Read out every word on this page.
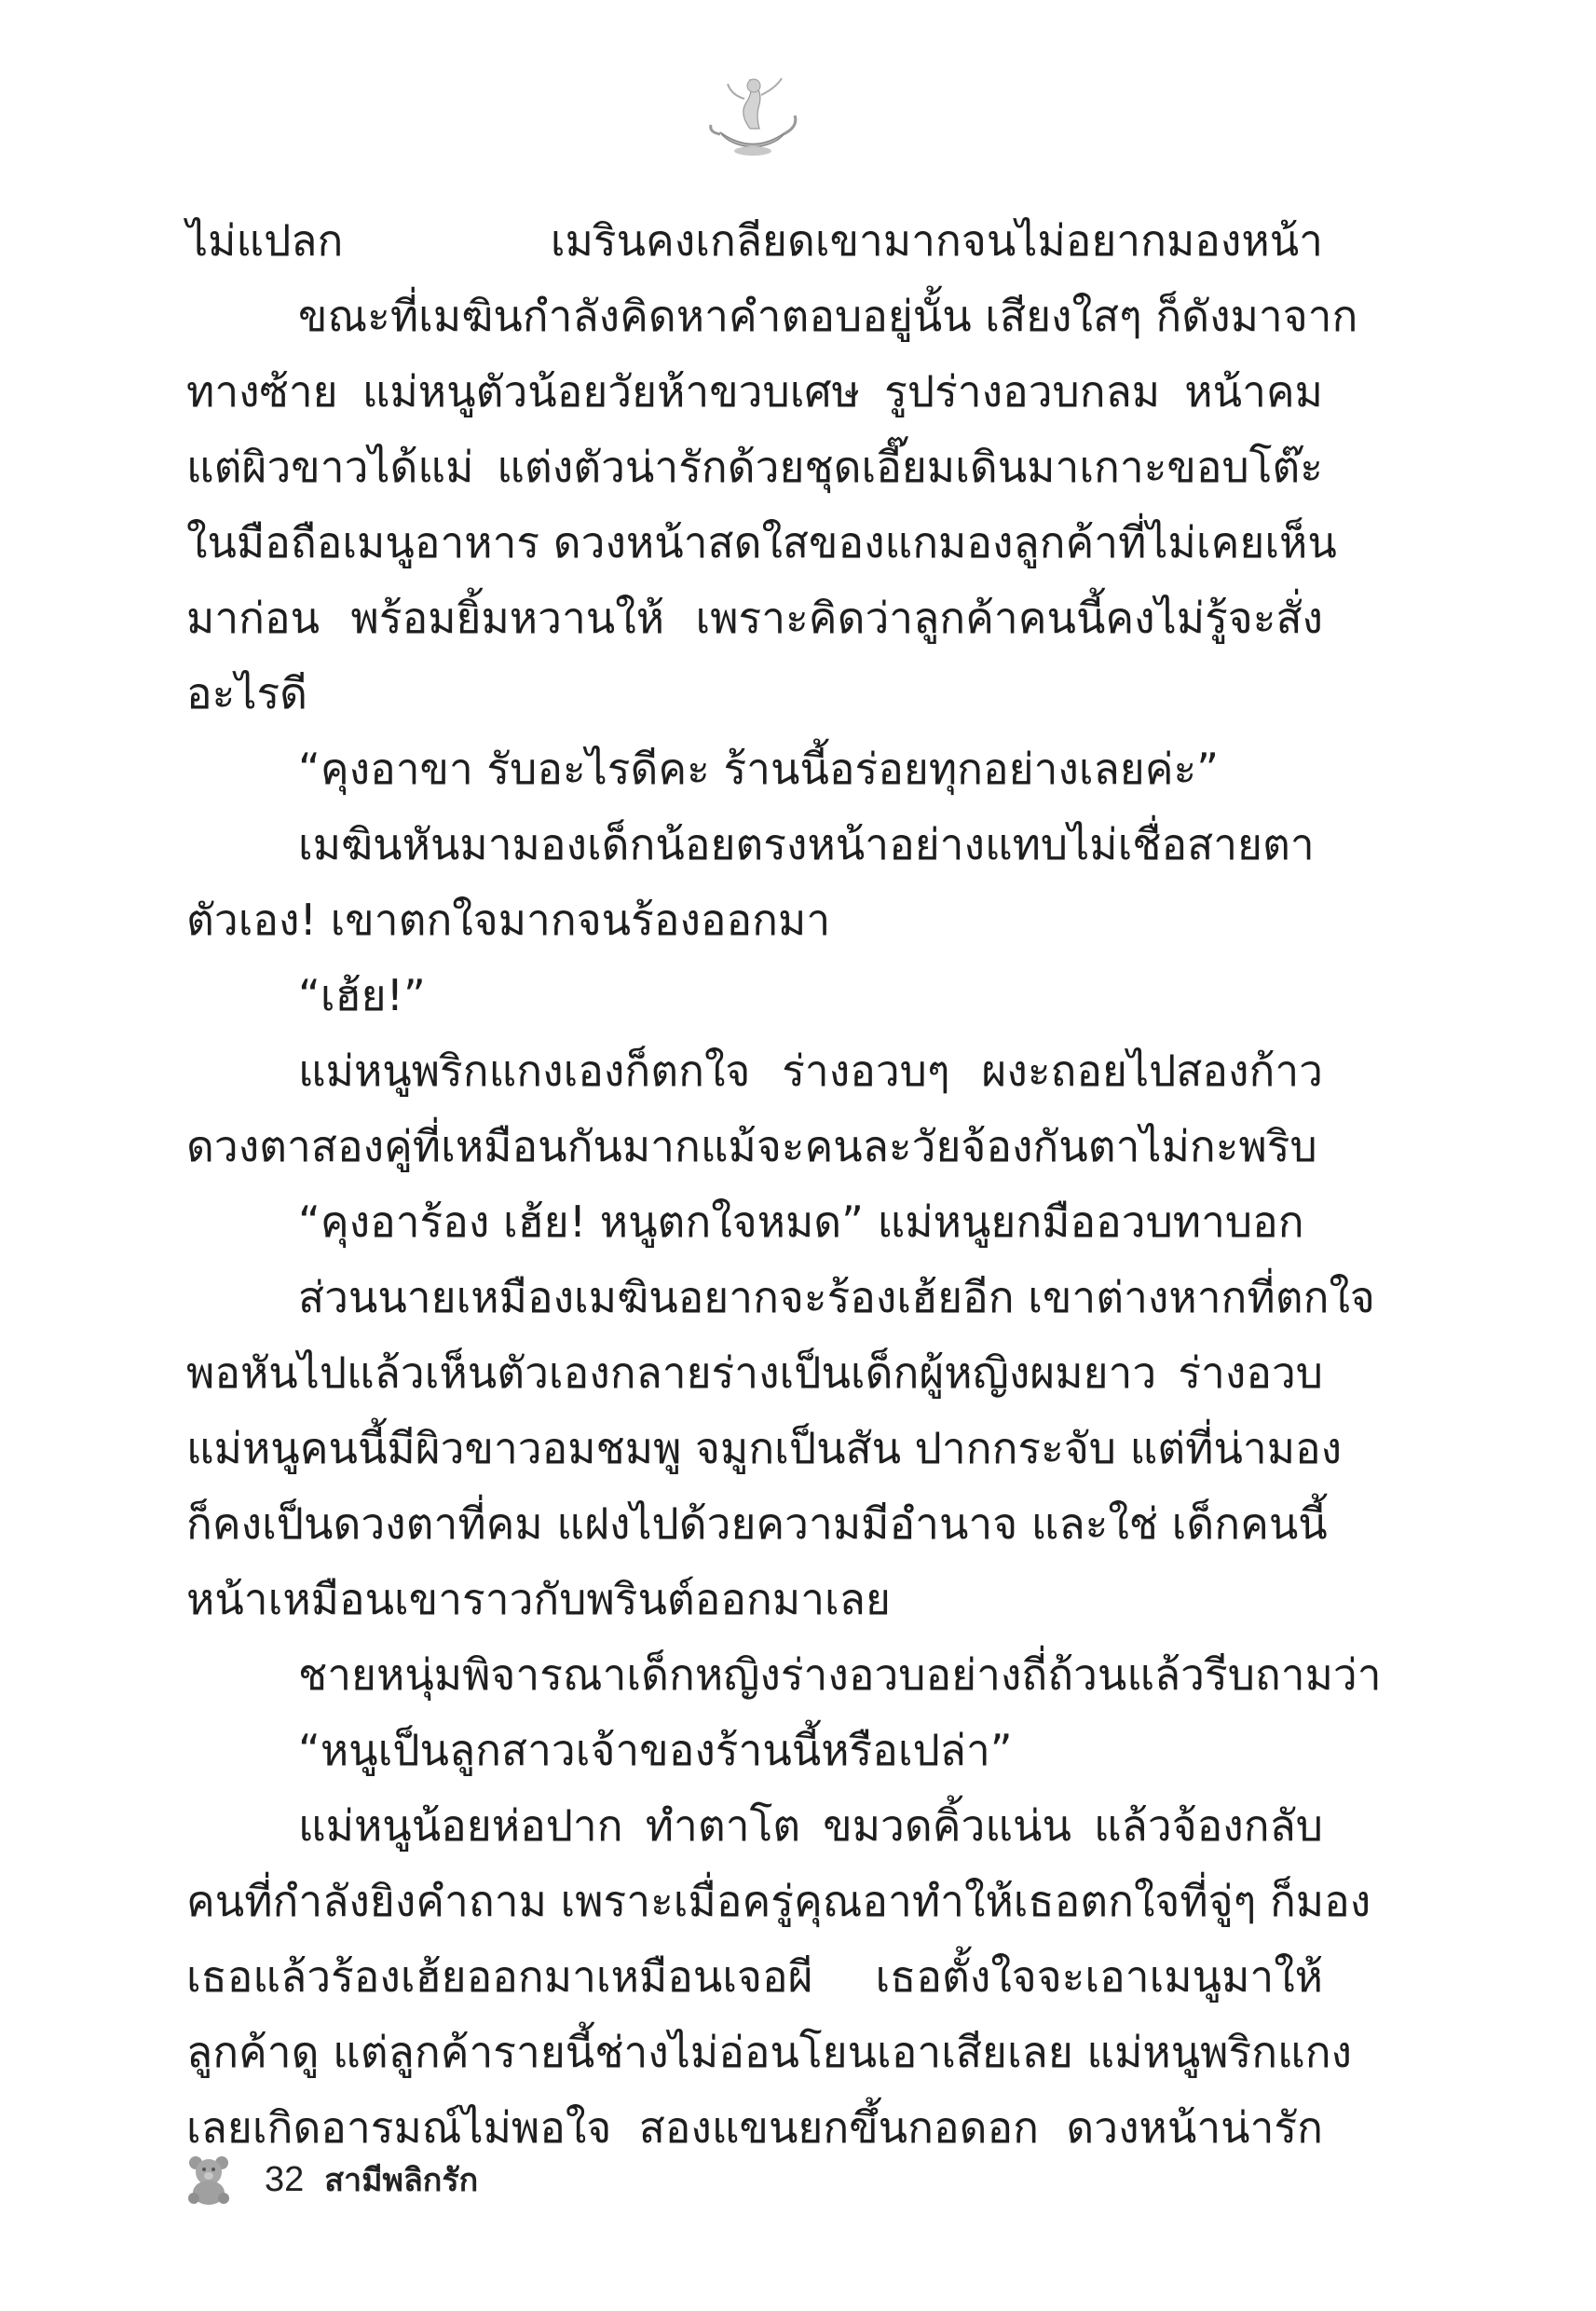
ไม่แปลก เมรินคงเกลียดเขามากจนไม่อยากมองหน้า
ขณะที่เมฆินกำลังคิดหาคำตอบอยู่นั้น เสียงใสๆ ก็ดังมาจาก
ทางซ้าย แม่หนูตัวน้อยวัยห้าขวบเศษ รูปร่างอวบกลม หน้าคม
แต่ผิวขาวได้แม่ แต่งตัวน่ารักด้วยชุดเอี๊ยมเดินมาเกาะขอบโต๊ะ
ในมือถือเมนูอาหาร ดวงหน้าสดใสของแกมองลูกค้าที่ไม่เคยเห็น
มาก่อน พร้อมยิ้มหวานให้ เพราะคิดว่าลูกค้าคนนี้คงไม่รู้จะสั่ง
อะไรดี
“คุงอาขา รับอะไรดีคะ ร้านนี้อร่อยทุกอย่างเลยค่ะ”
เมฆินหันมามองเด็กน้อยตรงหน้าอย่างแทบไม่เชื่อสายตา
ตัวเอง! เขาตกใจมากจนร้องออกมา
“เฮ้ย!”
แม่หนูพริกแกงเองก็ตกใจ ร่างอวบๆ ผงะถอยไปสองก้าว
ดวงตาสองคู่ที่เหมือนกันมากแม้จะคนละวัยจ้องกันตาไม่กะพริบ
“คุงอาร้อง เฮ้ย! หนูตกใจหมด” แม่หนูยกมืออวบทาบอก
ส่วนนายเหมืองเมฆินอยากจะร้องเฮ้ยอีก เขาต่างหากที่ตกใจ
พอหันไปแล้วเห็นตัวเองกลายร่างเป็นเด็กผู้หญิงผมยาว ร่างอวบ
แม่หนูคนนี้มีผิวขาวอมชมพู จมูกเป็นสัน ปากกระจับ แต่ที่น่ามอง
ก็คงเป็นดวงตาที่คม แฝงไปด้วยความมีอำนาจ และใช่ เด็กคนนี้
หน้าเหมือนเขาราวกับพรินต์ออกมาเลย
ชายหนุ่มพิจารณาเด็กหญิงร่างอวบอย่างถี่ถ้วนแล้วรีบถามว่า
“หนูเป็นลูกสาวเจ้าของร้านนี้หรือเปล่า”
แม่หนูน้อยห่อปาก ทำตาโต ขมวดคิ้วแน่น แล้วจ้องกลับ
คนที่กำลังยิงคำถาม เพราะเมื่อครู่คุณอาทำให้เธอตกใจที่จู่ๆ ก็มอง
เธอแล้วร้องเฮ้ยออกมาเหมือนเจอผี เธอตั้งใจจะเอาเมนูมาให้
ลูกค้าดู แต่ลูกค้ารายนี้ช่างไม่อ่อนโยนเอาเสียเลย แม่หนูพริกแกง
เลยเกิดอารมณ์ไม่พอใจ สองแขนยกขึ้นกอดอก ดวงหน้าน่ารัก
32 สามีพลิกรัก
